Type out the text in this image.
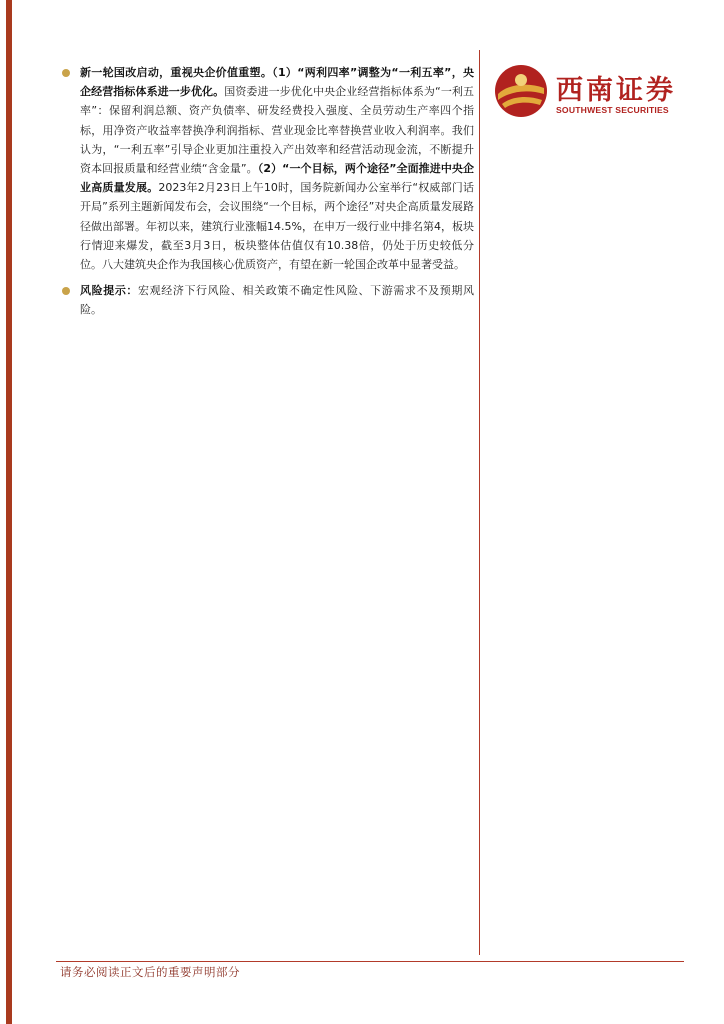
西南证券
SOUTHWEST SECURITIES
新一轮国改启动，重视央企价值重塑。（1）“两利四率”调整为“一利五率”，央企经营指标体系进一步优化。国资委进一步优化中央企业经营指标体系为“一利五率”：保留利润总额、资产负债率、研发经费投入强度、全员劳动生产率四个指标，用净资产收益率替换净利润指标、营业现金比率替换营业收入利润率。我们认为，“一利五率”引导企业更加注重投入产出效率和经营活动现金流，不断提升资本回报质量和经营业绩“含金量”。（2）“一个目标，两个途径”全面推进中央企业高质量发展。2023年2月23日上午10时，国务院新闻办公室举行“权威部门话开局”系列主题新闻发布会，会议围绕“一个目标，两个途径”对央企高质量发展路径做出部署。年初以来，建筑行业涨幅14.5%，在申万一级行业中排名第4，板块行情迎来爆发，截至3月3日，板块整体估值仅有10.38倍，仍处于历史较低分位。八大建筑央企作为我国核心优质资产，有望在新一轮国企改革中显著受益。
风险提示：宏观经济下行风险、相关政策不确定性风险、下游需求不及预期风险。
请务必阅读正文后的重要声明部分
